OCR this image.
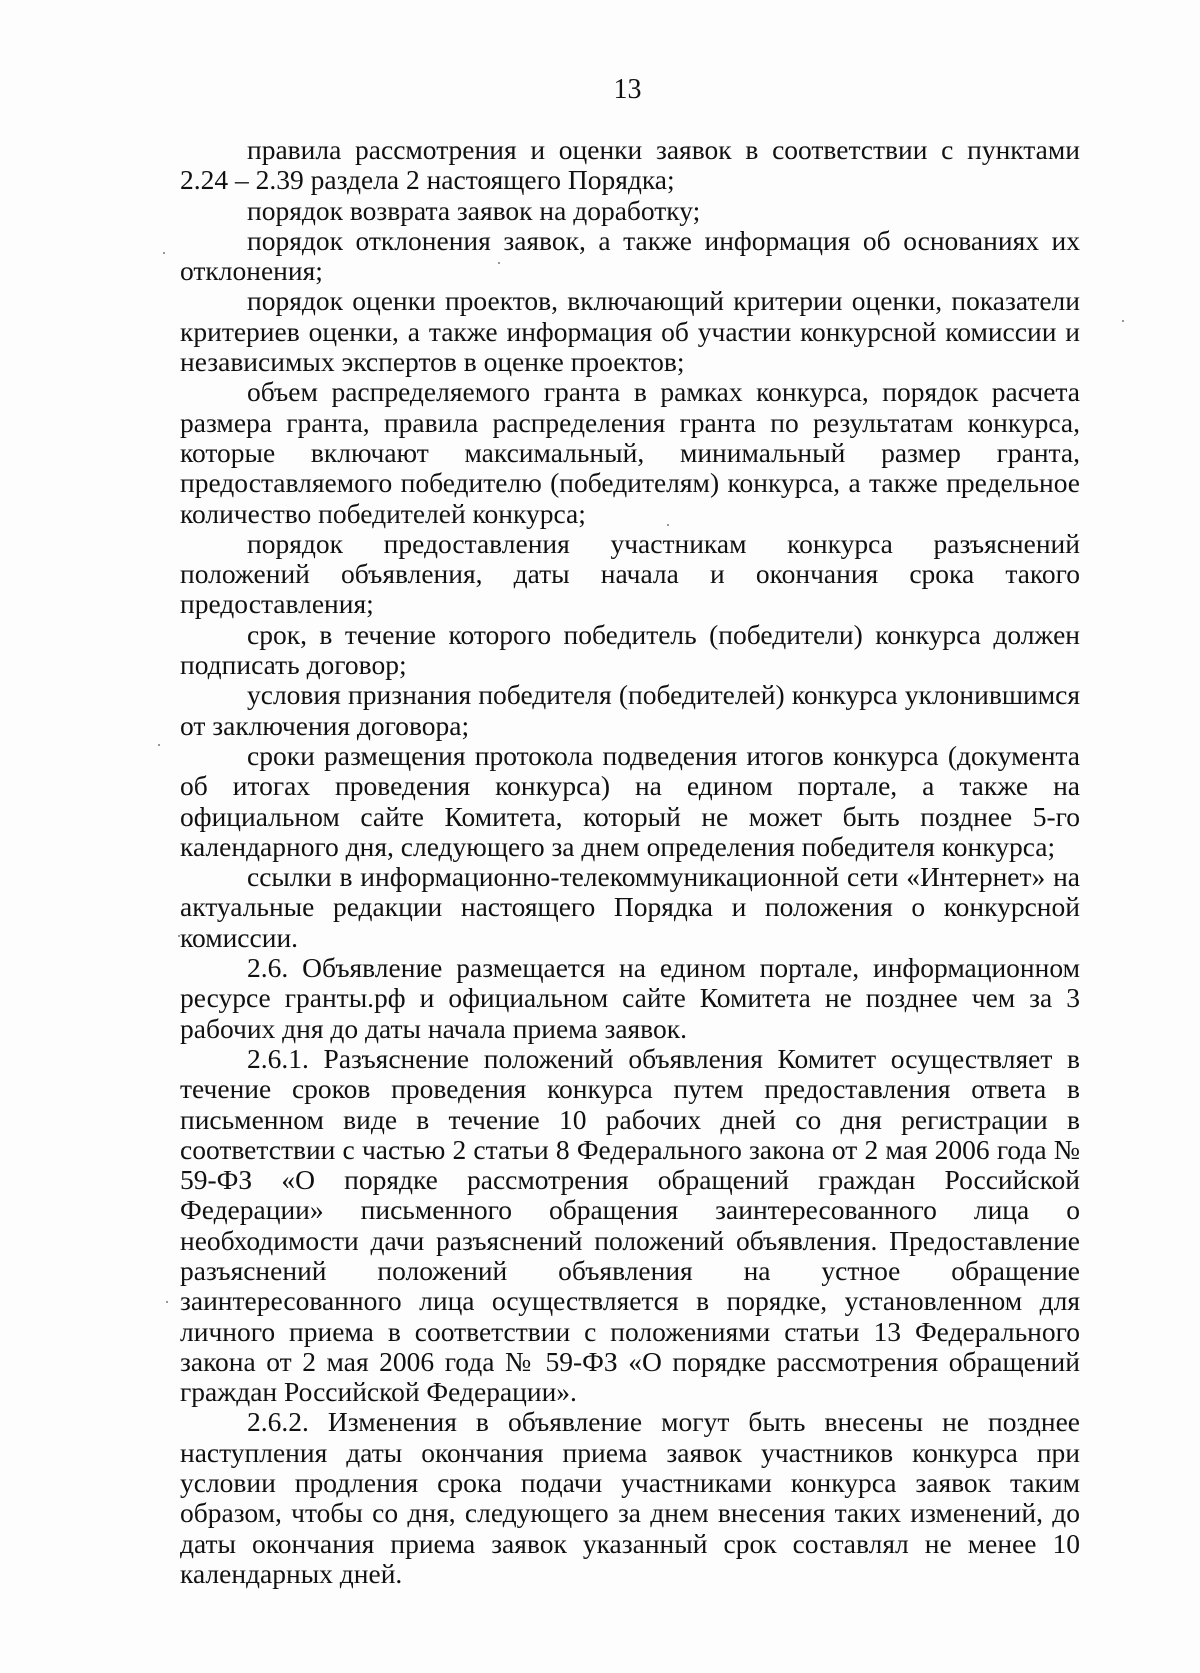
13

правила рассмотрения и оценки заявок в соответствии с пунктами 2.24 – 2.39 раздела 2 настоящего Порядка;

порядок возврата заявок на доработку;

порядок отклонения заявок, а также информация об основаниях их отклонения;

порядок оценки проектов, включающий критерии оценки, показатели критериев оценки, а также информация об участии конкурсной комиссии и независимых экспертов в оценке проектов;

объем распределяемого гранта в рамках конкурса, порядок расчета размера гранта, правила распределения гранта по результатам конкурса, которые включают максимальный, минимальный размер гранта, предоставляемого победителю (победителям) конкурса, а также предельное количество победителей конкурса;

порядок предоставления участникам конкурса разъяснений положений объявления, даты начала и окончания срока такого предоставления;

срок, в течение которого победитель (победители) конкурса должен подписать договор;

условия признания победителя (победителей) конкурса уклонившимся от заключения договора;

сроки размещения протокола подведения итогов конкурса (документа об итогах проведения конкурса) на едином портале, а также на официальном сайте Комитета, который не может быть позднее 5-го календарного дня, следующего за днем определения победителя конкурса;

ссылки в информационно-телекоммуникационной сети «Интернет» на актуальные редакции настоящего Порядка и положения о конкурсной комиссии.

2.6. Объявление размещается на едином портале, информационном ресурсе гранты.рф и официальном сайте Комитета не позднее чем за 3 рабочих дня до даты начала приема заявок.

2.6.1. Разъяснение положений объявления Комитет осуществляет в течение сроков проведения конкурса путем предоставления ответа в письменном виде в течение 10 рабочих дней со дня регистрации в соответствии с частью 2 статьи 8 Федерального закона от 2 мая 2006 года № 59-ФЗ «О порядке рассмотрения обращений граждан Российской Федерации» письменного обращения заинтересованного лица о необходимости дачи разъяснений положений объявления. Предоставление разъяснений положений объявления на устное обращение заинтересованного лица осуществляется в порядке, установленном для личного приема в соответствии с положениями статьи 13 Федерального закона от 2 мая 2006 года № 59-ФЗ «О порядке рассмотрения обращений граждан Российской Федерации».

2.6.2. Изменения в объявление могут быть внесены не позднее наступления даты окончания приема заявок участников конкурса при условии продления срока подачи участниками конкурса заявок таким образом, чтобы со дня, следующего за днем внесения таких изменений, до даты окончания приема заявок указанный срок составлял не менее 10 календарных дней.
